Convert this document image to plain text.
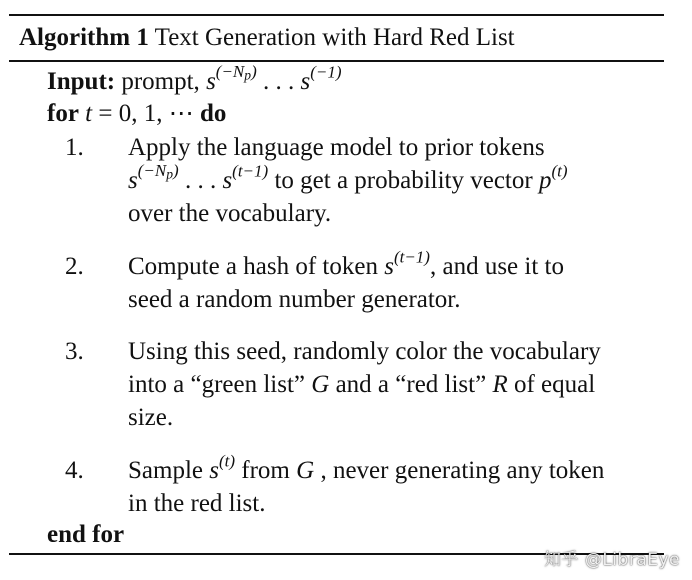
Algorithm 1 Text Generation with Hard Red List
Input: prompt, $s^{(-N_p)}$ . . . $s^{(-1)}$
for t = 0, 1, ⋯ do
1. Apply the language model to prior tokens
$s^{(-N_p)}$ . . . $s^{(t-1)}$ to get a probability vector $p^{(t)}$
over the vocabulary.
2. Compute a hash of token $s^{(t-1)}$, and use it to
seed a random number generator.
3. Using this seed, randomly color the vocabulary
into a “green list” G and a “red list” R of equal
size.
4. Sample $s^{(t)}$ from G , never generating any token
in the red list.
end for
知乎 @LibraEye
